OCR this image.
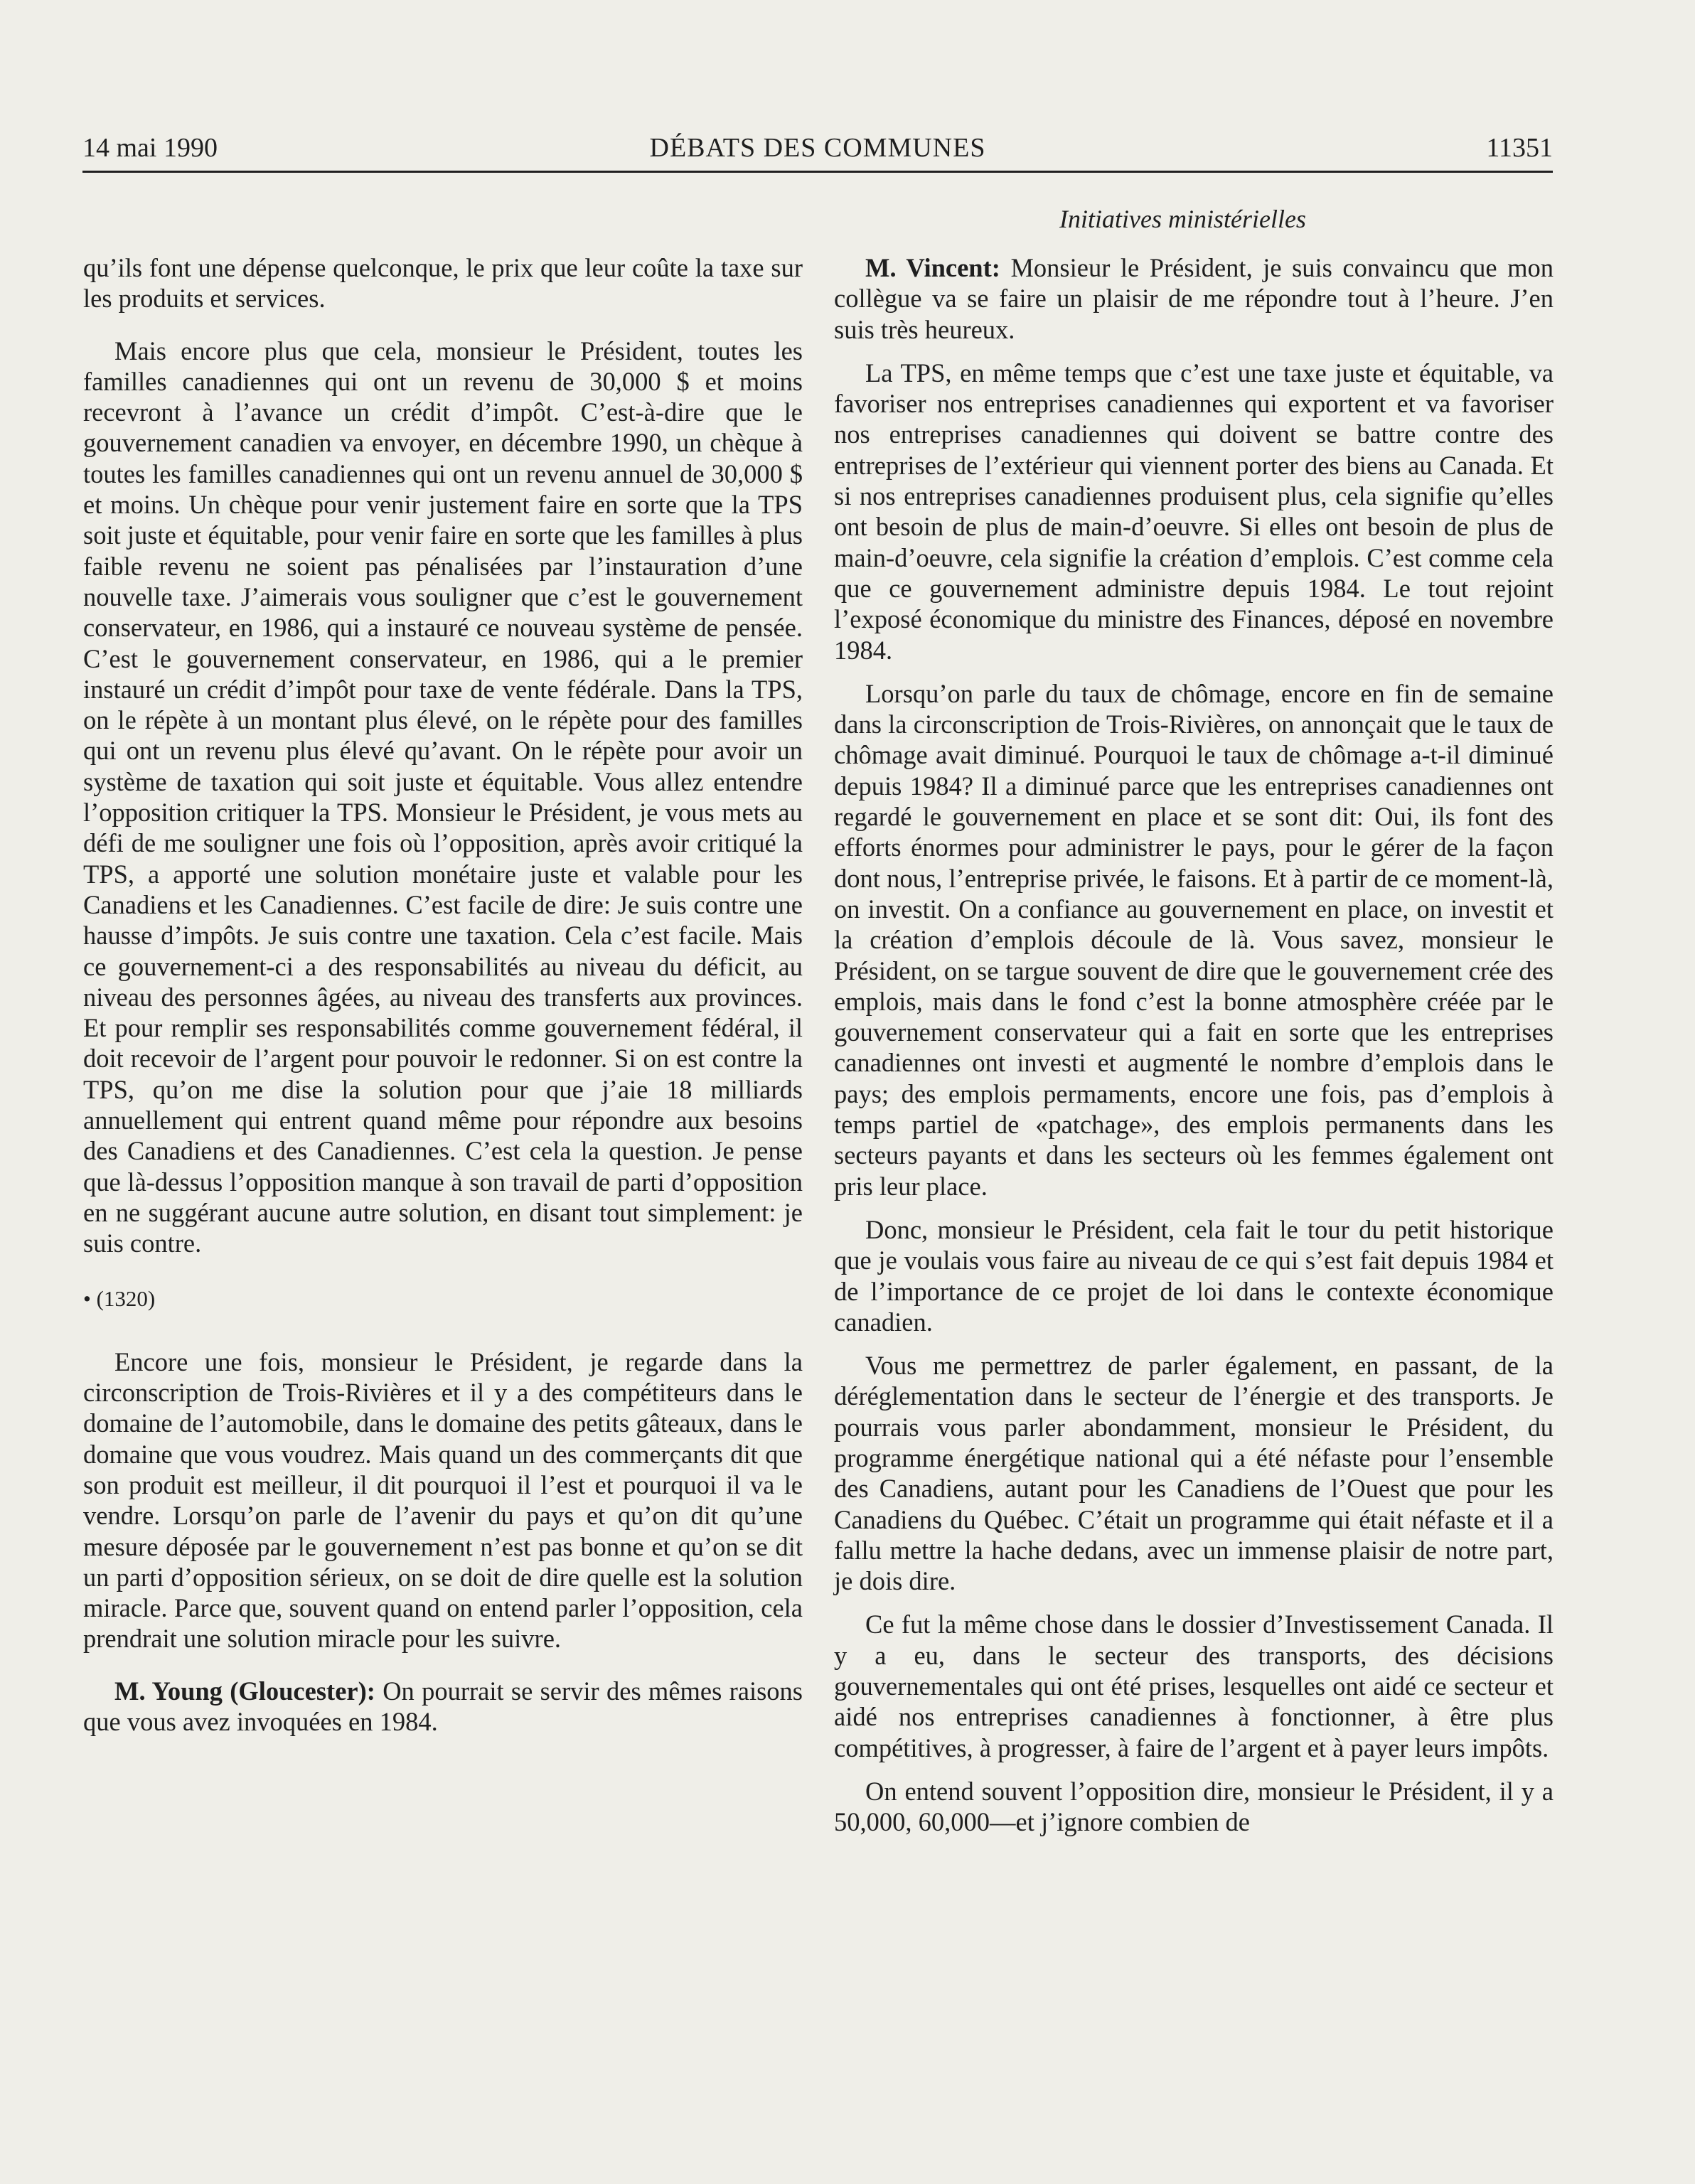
14 mai 1990	DÉBATS DES COMMUNES	11351
Initiatives ministérielles

qu’ils font une dépense quelconque, le prix que leur coûte la taxe sur les produits et services.

Mais encore plus que cela, monsieur le Président, toutes les familles canadiennes qui ont un revenu de 30,000 $ et moins recevront à l’avance un crédit d’impôt. C’est-à-dire que le gouvernement canadien va envoyer, en décembre 1990, un chèque à toutes les familles canadiennes qui ont un revenu annuel de 30,000 $ et moins. Un chèque pour venir justement faire en sorte que la TPS soit juste et équitable, pour venir faire en sorte que les familles à plus faible revenu ne soient pas pénalisées par l’instauration d’une nouvelle taxe. J’aimerais vous souligner que c’est le gouvernement conservateur, en 1986, qui a instauré ce nouveau système de pensée. C’est le gouvernement conservateur, en 1986, qui a le premier instauré un crédit d’impôt pour taxe de vente fédérale. Dans la TPS, on le répète à un montant plus élevé, on le répète pour des familles qui ont un revenu plus élevé qu’avant. On le répète pour avoir un système de taxation qui soit juste et équitable. Vous allez entendre l’opposition critiquer la TPS. Monsieur le Président, je vous mets au défi de me souligner une fois où l’opposition, après avoir critiqué la TPS, a apporté une solution monétaire juste et valable pour les Canadiens et les Canadiennes. C’est facile de dire: Je suis contre une hausse d’impôts. Je suis contre une taxation. Cela c’est facile. Mais ce gouvernement-ci a des responsabilités au niveau du déficit, au niveau des personnes âgées, au niveau des transferts aux provinces. Et pour remplir ses responsabilités comme gouvernement fédéral, il doit recevoir de l’argent pour pouvoir le redonner. Si on est contre la TPS, qu’on me dise la solution pour que j’aie 18 milliards annuellement qui entrent quand même pour répondre aux besoins des Canadiens et des Canadiennes. C’est cela la question. Je pense que là-dessus l’opposition manque à son travail de parti d’opposition en ne suggérant aucune autre solution, en disant tout simplement: je suis contre.

• (1320)

Encore une fois, monsieur le Président, je regarde dans la circonscription de Trois-Rivières et il y a des compétiteurs dans le domaine de l’automobile, dans le domaine des petits gâteaux, dans le domaine que vous voudrez. Mais quand un des commerçants dit que son produit est meilleur, il dit pourquoi il l’est et pourquoi il va le vendre. Lorsqu’on parle de l’avenir du pays et qu’on dit qu’une mesure déposée par le gouvernement n’est pas bonne et qu’on se dit un parti d’opposition sérieux, on se doit de dire quelle est la solution miracle. Parce que, souvent quand on entend parler l’opposition, cela prendrait une solution miracle pour les suivre.

M. Young (Gloucester): On pourrait se servir des mêmes raisons que vous avez invoquées en 1984.

M. Vincent: Monsieur le Président, je suis convaincu que mon collègue va se faire un plaisir de me répondre tout à l’heure. J’en suis très heureux.

La TPS, en même temps que c’est une taxe juste et équitable, va favoriser nos entreprises canadiennes qui exportent et va favoriser nos entreprises canadiennes qui doivent se battre contre des entreprises de l’extérieur qui viennent porter des biens au Canada. Et si nos entreprises canadiennes produisent plus, cela signifie qu’elles ont besoin de plus de main-d’oeuvre. Si elles ont besoin de plus de main-d’oeuvre, cela signifie la création d’emplois. C’est comme cela que ce gouvernement administre depuis 1984. Le tout rejoint l’exposé économique du ministre des Finances, déposé en novembre 1984.

Lorsqu’on parle du taux de chômage, encore en fin de semaine dans la circonscription de Trois-Rivières, on annonçait que le taux de chômage avait diminué. Pourquoi le taux de chômage a-t-il diminué depuis 1984? Il a diminué parce que les entreprises canadiennes ont regardé le gouvernement en place et se sont dit: Oui, ils font des efforts énormes pour administrer le pays, pour le gérer de la façon dont nous, l’entreprise privée, le faisons. Et à partir de ce moment-là, on investit. On a confiance au gouvernement en place, on investit et la création d’emplois découle de là. Vous savez, monsieur le Président, on se targue souvent de dire que le gouvernement crée des emplois, mais dans le fond c’est la bonne atmosphère créée par le gouvernement conservateur qui a fait en sorte que les entreprises canadiennes ont investi et augmenté le nombre d’emplois dans le pays; des emplois permaments, encore une fois, pas d’emplois à temps partiel de «patchage», des emplois permanents dans les secteurs payants et dans les secteurs où les femmes également ont pris leur place.

Donc, monsieur le Président, cela fait le tour du petit historique que je voulais vous faire au niveau de ce qui s’est fait depuis 1984 et de l’importance de ce projet de loi dans le contexte économique canadien.

Vous me permettrez de parler également, en passant, de la déréglementation dans le secteur de l’énergie et des transports. Je pourrais vous parler abondamment, monsieur le Président, du programme énergétique national qui a été néfaste pour l’ensemble des Canadiens, autant pour les Canadiens de l’Ouest que pour les Canadiens du Québec. C’était un programme qui était néfaste et il a fallu mettre la hache dedans, avec un immense plaisir de notre part, je dois dire.

Ce fut la même chose dans le dossier d’Investissement Canada. Il y a eu, dans le secteur des transports, des décisions gouvernementales qui ont été prises, lesquelles ont aidé ce secteur et aidé nos entreprises canadiennes à fonctionner, à être plus compétitives, à progresser, à faire de l’argent et à payer leurs impôts.

On entend souvent l’opposition dire, monsieur le Président, il y a 50,000, 60,000—et j’ignore combien de
